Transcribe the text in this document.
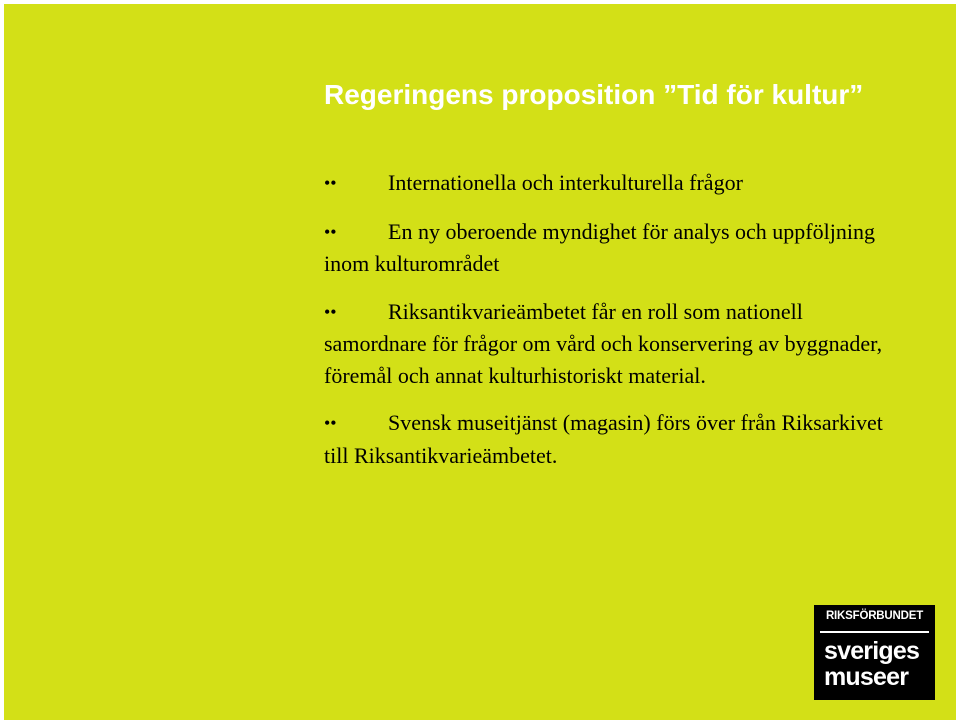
Regeringens proposition ”Tid för kultur”
•• Internationella och interkulturella frågor
•• En ny oberoende myndighet för analys och uppföljning inom kulturområdet
•• Riksantikvarieämbetet får en roll som nationell samordnare för frågor om vård och konservering av byggnader, föremål och annat kulturhistoriskt material.
•• Svensk museitjänst (magasin) förs över från Riksarkivet till Riksantikvarieämbetet.
RIKSFÖRBUNDET
sveriges
museer
